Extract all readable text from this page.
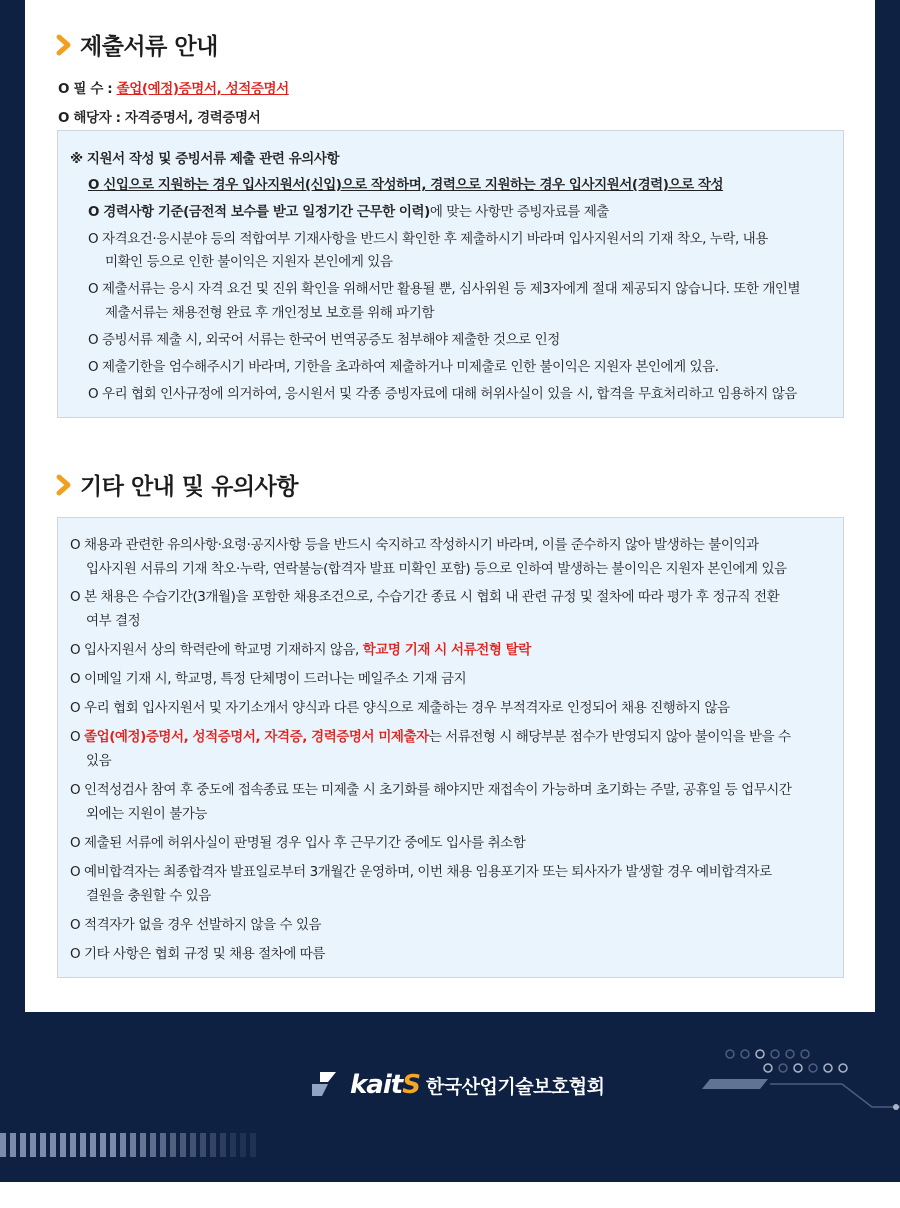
제출서류 안내
O 필 수 : 졸업(예정)증명서, 성적증명서
O 해당자 : 자격증명서, 경력증명서
※ 지원서 작성 및 증빙서류 제출 관련 유의사항
O 신입으로 지원하는 경우 입사지원서(신입)으로 작성하며, 경력으로 지원하는 경우 입사지원서(경력)으로 작성
O 경력사항 기준(금전적 보수를 받고 일정기간 근무한 이력)에 맞는 사항만 증빙자료를 제출
O 자격요건·응시분야 등의 적합여부 기재사항을 반드시 확인한 후 제출하시기 바라며 입사지원서의 기재 착오, 누락, 내용
미확인 등으로 인한 불이익은 지원자 본인에게 있음
O 제출서류는 응시 자격 요건 및 진위 확인을 위해서만 활용될 뿐, 심사위원 등 제3자에게 절대 제공되지 않습니다. 또한 개인별
제출서류는 채용전형 완료 후 개인정보 보호를 위해 파기함
O 증빙서류 제출 시, 외국어 서류는 한국어 번역공증도 첨부해야 제출한 것으로 인정
O 제출기한을 엄수해주시기 바라며, 기한을 초과하여 제출하거나 미제출로 인한 불이익은 지원자 본인에게 있음.
O 우리 협회 인사규정에 의거하여, 응시원서 및 각종 증빙자료에 대해 허위사실이 있을 시, 합격을 무효처리하고 임용하지 않음
기타 안내 및 유의사항
O 채용과 관련한 유의사항·요령·공지사항 등을 반드시 숙지하고 작성하시기 바라며, 이를 준수하지 않아 발생하는 불이익과
입사지원 서류의 기재 착오·누락, 연락불능(합격자 발표 미확인 포함) 등으로 인하여 발생하는 불이익은 지원자 본인에게 있음
O 본 채용은 수습기간(3개월)을 포함한 채용조건으로, 수습기간 종료 시 협회 내 관련 규정 및 절차에 따라 평가 후 정규직 전환
여부 결정
O 입사지원서 상의 학력란에 학교명 기재하지 않음, 학교명 기재 시 서류전형 탈락
O 이메일 기재 시, 학교명, 특정 단체명이 드러나는 메일주소 기재 금지
O 우리 협회 입사지원서 및 자기소개서 양식과 다른 양식으로 제출하는 경우 부적격자로 인정되어 채용 진행하지 않음
O 졸업(예정)증명서, 성적증명서, 자격증, 경력증명서 미제출자는 서류전형 시 해당부분 점수가 반영되지 않아 불이익을 받을 수
있음
O 인적성검사 참여 후 중도에 접속종료 또는 미제출 시 초기화를 해야지만 재접속이 가능하며 초기화는 주말, 공휴일 등 업무시간
외에는 지원이 불가능
O 제출된 서류에 허위사실이 판명될 경우 입사 후 근무기간 중에도 입사를 취소함
O 예비합격자는 최종합격자 발표일로부터 3개월간 운영하며, 이번 채용 임용포기자 또는 퇴사자가 발생할 경우 예비합격자로
결원을 충원할 수 있음
O 적격자가 없을 경우 선발하지 않을 수 있음
O 기타 사항은 협회 규정 및 채용 절차에 따름
kaitS 한국산업기술보호협회
